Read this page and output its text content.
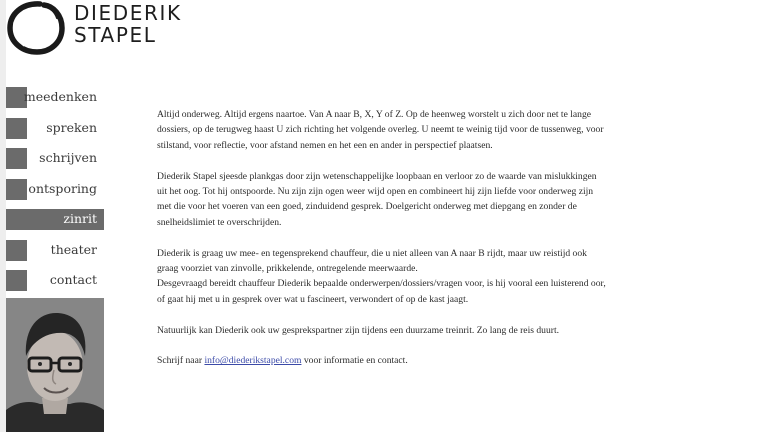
DIEDERIK
STAPEL
meedenken
spreken
schrijven
ontsporing
zinrit
theater
contact

Altijd onderweg. Altijd ergens naartoe. Van A naar B, X, Y of Z. Op de heenweg worstelt u zich door net te lange dossiers, op de terugweg haast U zich richting het volgende overleg. U neemt te weinig tijd voor de tussenweg, voor stilstand, voor reflectie, voor afstand nemen en het een en ander in perspectief plaatsen.

Diederik Stapel sjeesde plankgas door zijn wetenschappelijke loopbaan en verloor zo de waarde van mislukkingen uit het oog. Tot hij ontspoorde. Nu zijn zijn ogen weer wijd open en combineert hij zijn liefde voor onderweg zijn met die voor het voeren van een goed, zinduidend gesprek. Doelgericht onderweg met diepgang en zonder de snelheidslimiet te overschrijden.

Diederik is graag uw mee- en tegensprekend chauffeur, die u niet alleen van A naar B rijdt, maar uw reistijd ook graag voorziet van zinvolle, prikkelende, ontregelende meerwaarde.

Desgevraagd bereidt chauffeur Diederik bepaalde onderwerpen/dossiers/vragen voor, is hij vooral een luisterend oor, of gaat hij met u in gesprek over wat u fascineert, verwondert of op de kast jaagt.

Natuurlijk kan Diederik ook uw gesprekspartner zijn tijdens een duurzame treinrit. Zo lang de reis duurt.

Schrijf naar info@diederikstapel.com voor informatie en contact.
